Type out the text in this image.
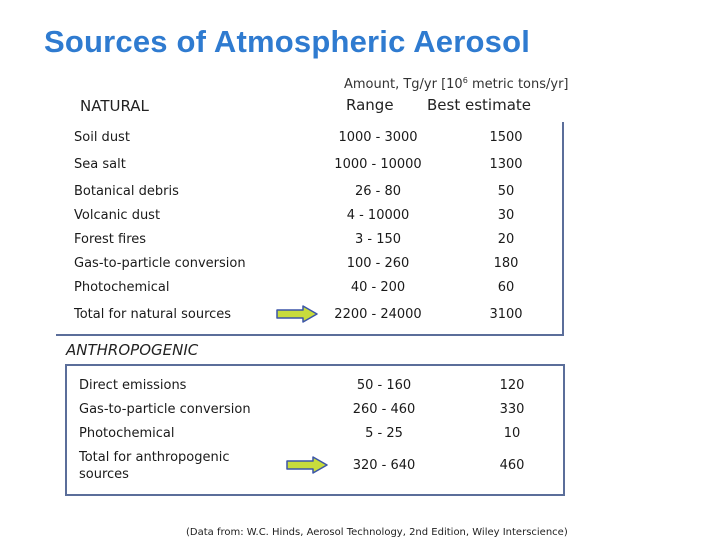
Sources of Atmospheric Aerosol
Amount, Tg/yr [$10^6$ metric tons/yr]
NATURAL	Range Best estimate
Soil dust	1000 - 3000	1500
Sea salt	1000 - 10000	1300
Botanical debris	26 - 80	50
Volcanic dust	4 - 10000	30
Forest fires	3 - 150	20
Gas-to-particle conversion	100 - 260	180
Photochemical	40 - 200	60
Total for natural sources	2200 - 24000	3100
ANTHROPOGENIC
Direct emissions	50 - 160	120
Gas-to-particle conversion	260 - 460	330
Photochemical	5 - 25	10
Total for anthropogenic
sources
320 - 640	460
(Data from: W.C. Hinds, Aerosol Technology, 2nd Edition, Wiley Interscience)
